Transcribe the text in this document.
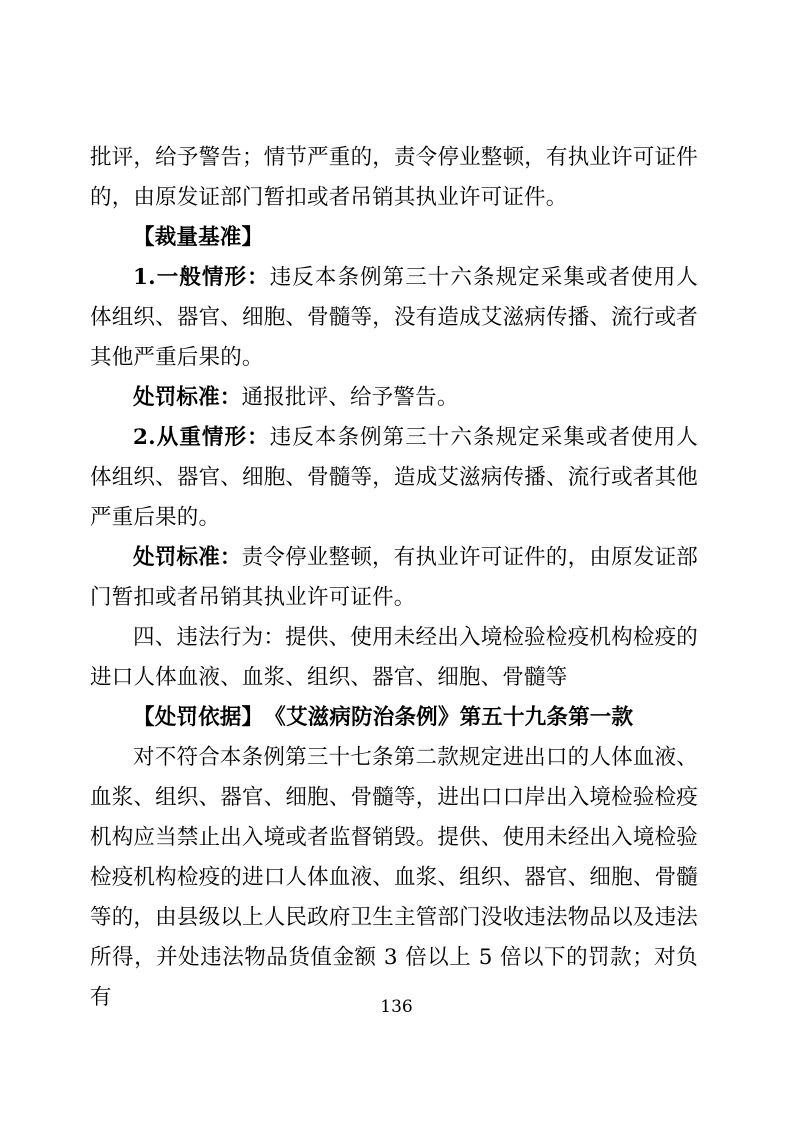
批评，给予警告；情节严重的，责令停业整顿，有执业许可证件的，由原发证部门暂扣或者吊销其执业许可证件。

【裁量基准】

1.一般情形：违反本条例第三十六条规定采集或者使用人体组织、器官、细胞、骨髓等，没有造成艾滋病传播、流行或者其他严重后果的。

处罚标准：通报批评、给予警告。

2.从重情形：违反本条例第三十六条规定采集或者使用人体组织、器官、细胞、骨髓等，造成艾滋病传播、流行或者其他严重后果的。

处罚标准：责令停业整顿，有执业许可证件的，由原发证部门暂扣或者吊销其执业许可证件。

四、违法行为：提供、使用未经出入境检验检疫机构检疫的进口人体血液、血浆、组织、器官、细胞、骨髓等

【处罚依据】 《艾滋病防治条例》第五十九条第一款

对不符合本条例第三十七条第二款规定进出口的人体血液、血浆、组织、器官、细胞、骨髓等，进出口口岸出入境检验检疫机构应当禁止出入境或者监督销毁。提供、使用未经出入境检验检疫机构检疫的进口人体血液、血浆、组织、器官、细胞、骨髓等的，由县级以上人民政府卫生主管部门没收违法物品以及违法所得，并处违法物品货值金额 3 倍以上 5 倍以下的罚款；对负有	136
